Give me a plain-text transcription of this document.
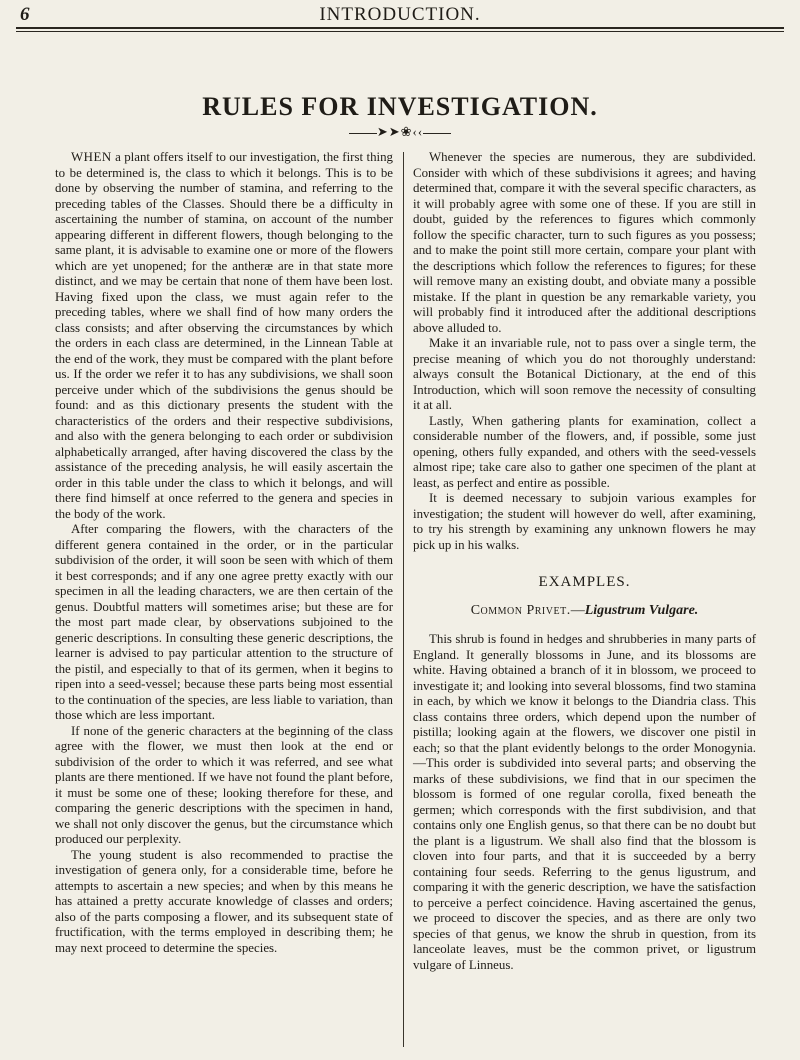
6	INTRODUCTION.
RULES FOR INVESTIGATION.
➤➤❀‹‹

WHEN a plant offers itself to our investigation, the first thing to be determined is, the class to which it belongs. This is to be done by observing the number of stamina, and referring to the preceding tables of the Classes. Should there be a difficulty in ascertaining the number of stamina, on account of the number appearing different in different flowers, though belonging to the same plant, it is advisable to examine one or more of the flowers which are yet unopened; for the antheræ are in that state more distinct, and we may be certain that none of them have been lost. Having fixed upon the class, we must again refer to the preceding tables, where we shall find of how many orders the class consists; and after observing the circumstances by which the orders in each class are determined, in the Linnean Table at the end of the work, they must be compared with the plant before us. If the order we refer it to has any subdivisions, we shall soon perceive under which of the subdivisions the genus should be found: and as this dictionary presents the student with the characteristics of the orders and their respective subdivisions, and also with the genera belonging to each order or subdivision alphabetically arranged, after having discovered the class by the assistance of the preceding analysis, he will easily ascertain the order in this table under the class to which it belongs, and will there find himself at once referred to the genera and species in the body of the work.

After comparing the flowers, with the characters of the different genera contained in the order, or in the particular subdivision of the order, it will soon be seen with which of them it best corresponds; and if any one agree pretty exactly with our specimen in all the leading characters, we are then certain of the genus. Doubtful matters will sometimes arise; but these are for the most part made clear, by observations subjoined to the generic descriptions. In consulting these generic descriptions, the learner is advised to pay particular attention to the structure of the pistil, and especially to that of its germen, when it begins to ripen into a seed-vessel; because these parts being most essential to the continuation of the species, are less liable to variation, than those which are less important.

If none of the generic characters at the beginning of the class agree with the flower, we must then look at the end or subdivision of the order to which it was referred, and see what plants are there mentioned. If we have not found the plant before, it must be some one of these; looking therefore for these, and comparing the generic descriptions with the specimen in hand, we shall not only discover the genus, but the circumstance which produced our perplexity.

The young student is also recommended to practise the investigation of genera only, for a considerable time, before he attempts to ascertain a new species; and when by this means he has attained a pretty accurate knowledge of classes and orders; also of the parts composing a flower, and its subsequent state of fructification, with the terms employed in describing them; he may next proceed to determine the species.

Whenever the species are numerous, they are subdivided. Consider with which of these subdivisions it agrees; and having determined that, compare it with the several specific characters, as it will probably agree with some one of these. If you are still in doubt, guided by the references to figures which commonly follow the specific character, turn to such figures as you possess; and to make the point still more certain, compare your plant with the descriptions which follow the references to figures; for these will remove many an existing doubt, and obviate many a possible mistake. If the plant in question be any remarkable variety, you will probably find it introduced after the additional descriptions above alluded to.

Make it an invariable rule, not to pass over a single term, the precise meaning of which you do not thoroughly understand: always consult the Botanical Dictionary, at the end of this Introduction, which will soon remove the necessity of consulting it at all.

Lastly, When gathering plants for examination, collect a considerable number of the flowers, and, if possible, some just opening, others fully expanded, and others with the seed-vessels almost ripe; take care also to gather one specimen of the plant at least, as perfect and entire as possible.

It is deemed necessary to subjoin various examples for investigation; the student will however do well, after examining, to try his strength by examining any unknown flowers he may pick up in his walks.

EXAMPLES.
Common Privet.—Ligustrum Vulgare.

This shrub is found in hedges and shrubberies in many parts of England. It generally blossoms in June, and its blossoms are white. Having obtained a branch of it in blossom, we proceed to investigate it; and looking into several blossoms, find two stamina in each, by which we know it belongs to the Diandria class. This class contains three orders, which depend upon the number of pistilla; looking again at the flowers, we discover one pistil in each; so that the plant evidently belongs to the order Monogynia.—This order is subdivided into several parts; and observing the marks of these subdivisions, we find that in our specimen the blossom is formed of one regular corolla, fixed beneath the germen; which corresponds with the first subdivision, and that contains only one English genus, so that there can be no doubt but the plant is a ligustrum. We shall also find that the blossom is cloven into four parts, and that it is succeeded by a berry containing four seeds. Referring to the genus ligustrum, and comparing it with the generic description, we have the satisfaction to perceive a perfect coincidence. Having ascertained the genus, we proceed to discover the species, and as there are only two species of that genus, we know the shrub in question, from its lanceolate leaves, must be the common privet, or ligustrum vulgare of Linneus.
